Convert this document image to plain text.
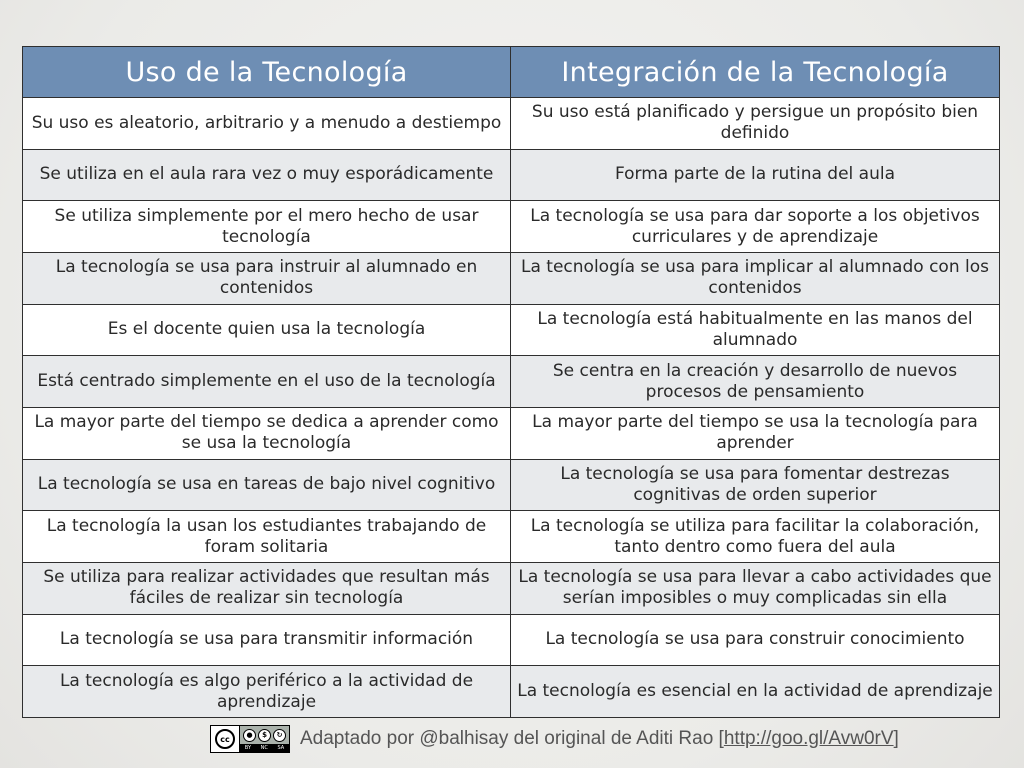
Uso de la Tecnología	Integración de la Tecnología
Su uso es aleatorio, arbitrario y a menudo a destiempo	Su uso está planificado y persigue un propósito bien definido
Se utiliza en el aula rara vez o muy esporádicamente	Forma parte de la rutina del aula
Se utiliza simplemente por el mero hecho de usar tecnología	La tecnología se usa para dar soporte a los objetivos curriculares y de aprendizaje
La tecnología se usa para instruir al alumnado en contenidos	La tecnología se usa para implicar al alumnado con los contenidos
Es el docente quien usa la tecnología	La tecnología está habitualmente en las manos del alumnado
Está centrado simplemente en el uso de la tecnología	Se centra en la creación y desarrollo de nuevos procesos de pensamiento
La mayor parte del tiempo se dedica a aprender como se usa la tecnología	La mayor parte del tiempo se usa la tecnología para aprender
La tecnología se usa en tareas de bajo nivel cognitivo	La tecnología se usa para fomentar destrezas cognitivas de orden superior
La tecnología la usan los estudiantes trabajando de foram solitaria	La tecnología se utiliza para facilitar la colaboración, tanto dentro como fuera del aula
Se utiliza para realizar actividades que resultan más fáciles de realizar sin tecnología	La tecnología se usa para llevar a cabo actividades que serían imposibles o muy complicadas sin ella
La tecnología se usa para transmitir información	La tecnología se usa para construir conocimiento
La tecnología es algo periférico a la actividad de aprendizaje	La tecnología es esencial en la actividad de aprendizaje
cc	●	$	↻
BY NC SA Adaptado por @balhisay del original de Aditi Rao [http://goo.gl/Avw0rV]
